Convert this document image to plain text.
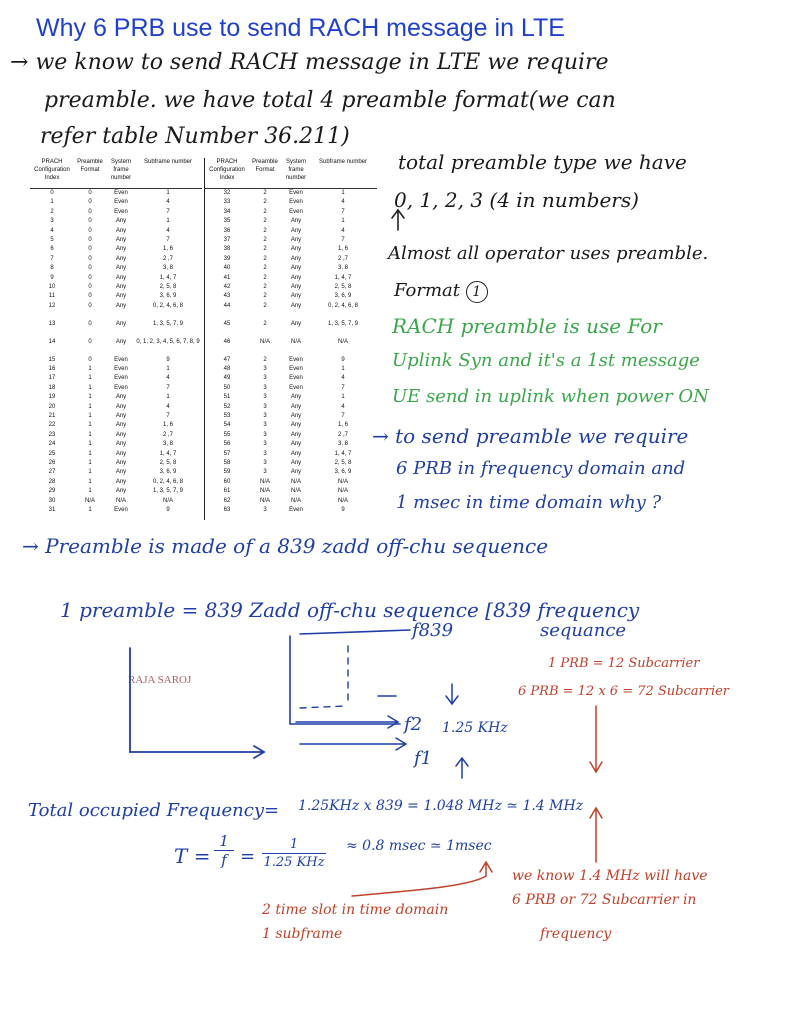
Why 6 PRB use to send RACH message in LTE
→ we know to send RACH message in LTE we require
preamble. we have total 4 preamble format(we can
refer table Number 36.211)
PRACH Configuration Index
Preamble Format
System frame number
Subframe number
0	0	Even	1
1	0	Even	4
2	0	Even	7
3	0	Any	1
4	0	Any	4
5	0	Any	7
6	0	Any	1, 6
7	0	Any	2 ,7
8	0	Any	3, 8
9	0	Any	1, 4, 7
10	0	Any	2, 5, 8
11	0	Any	3, 6, 9
12	0	Any	0, 2, 4, 6, 8
13	0	Any	1, 3, 5, 7, 9
14	0	Any	0, 1, 2, 3, 4, 5, 6, 7, 8, 9
15	0	Even	9
16	1	Even	1
17	1	Even	4
18	1	Even	7
19	1	Any	1
20	1	Any	4
21	1	Any	7
22	1	Any	1, 6
23	1	Any	2 ,7
24	1	Any	3, 8
25	1	Any	1, 4, 7
26	1	Any	2, 5, 8
27	1	Any	3, 6, 9
28	1	Any	0, 2, 4, 6, 8
29	1	Any	1, 3, 5, 7, 9
30	N/A	N/A	N/A
31	1	Even	9
PRACH Configuration Index
Preamble Format
System frame number
Subframe number
32	2	Even	1
33	2	Even	4
34	2	Even	7
35	2	Any	1
36	2	Any	4
37	2	Any	7
38	2	Any	1, 6
39	2	Any	2 ,7
40	2	Any	3, 8
41	2	Any	1, 4, 7
42	2	Any	2, 5, 8
43	2	Any	3, 6, 9
44	2	Any	0, 2, 4, 6, 8
45	2	Any	1, 3, 5, 7, 9
46	N/A	N/A	N/A
47	2	Even	9
48	3	Even	1
49	3	Even	4
50	3	Even	7
51	3	Any	1
52	3	Any	4
53	3	Any	7
54	3	Any	1, 6
55	3	Any	2 ,7
56	3	Any	3, 8
57	3	Any	1, 4, 7
58	3	Any	2, 5, 8
59	3	Any	3, 6, 9
60	N/A	N/A	N/A
61	N/A	N/A	N/A
62	N/A	N/A	N/A
63	3	Even	9
total preamble type we have
0, 1, 2, 3 (4 in numbers)
Almost all operator uses preamble.
Format 1
RACH preamble is use For
Uplink Syn and it's a 1st message
UE send in uplink when power ON
→ to send preamble we require
6 PRB in frequency domain and
1 msec in time domain why ?
→ Preamble is made of a 839 zadd off-chu sequence
1 preamble = 839 Zadd off-chu sequence [839 frequency
sequance
f839
f2 1.25 KHz
f1
1 PRB = 12 Subcarrier
6 PRB = 12 x 6 = 72 Subcarrier
RAJA SAROJ
Total occupied Frequency = 1.25KHz x 839 = 1.048 MHz ≃ 1.4 MHz
$T = \frac{1}{f}$ =
1
1.25 KHz
≈ 0.8 msec ≃ 1msec
2 time slot in time domain
1 subframe
we know 1.4 MHz will have
6 PRB or 72 Subcarrier in
frequency
